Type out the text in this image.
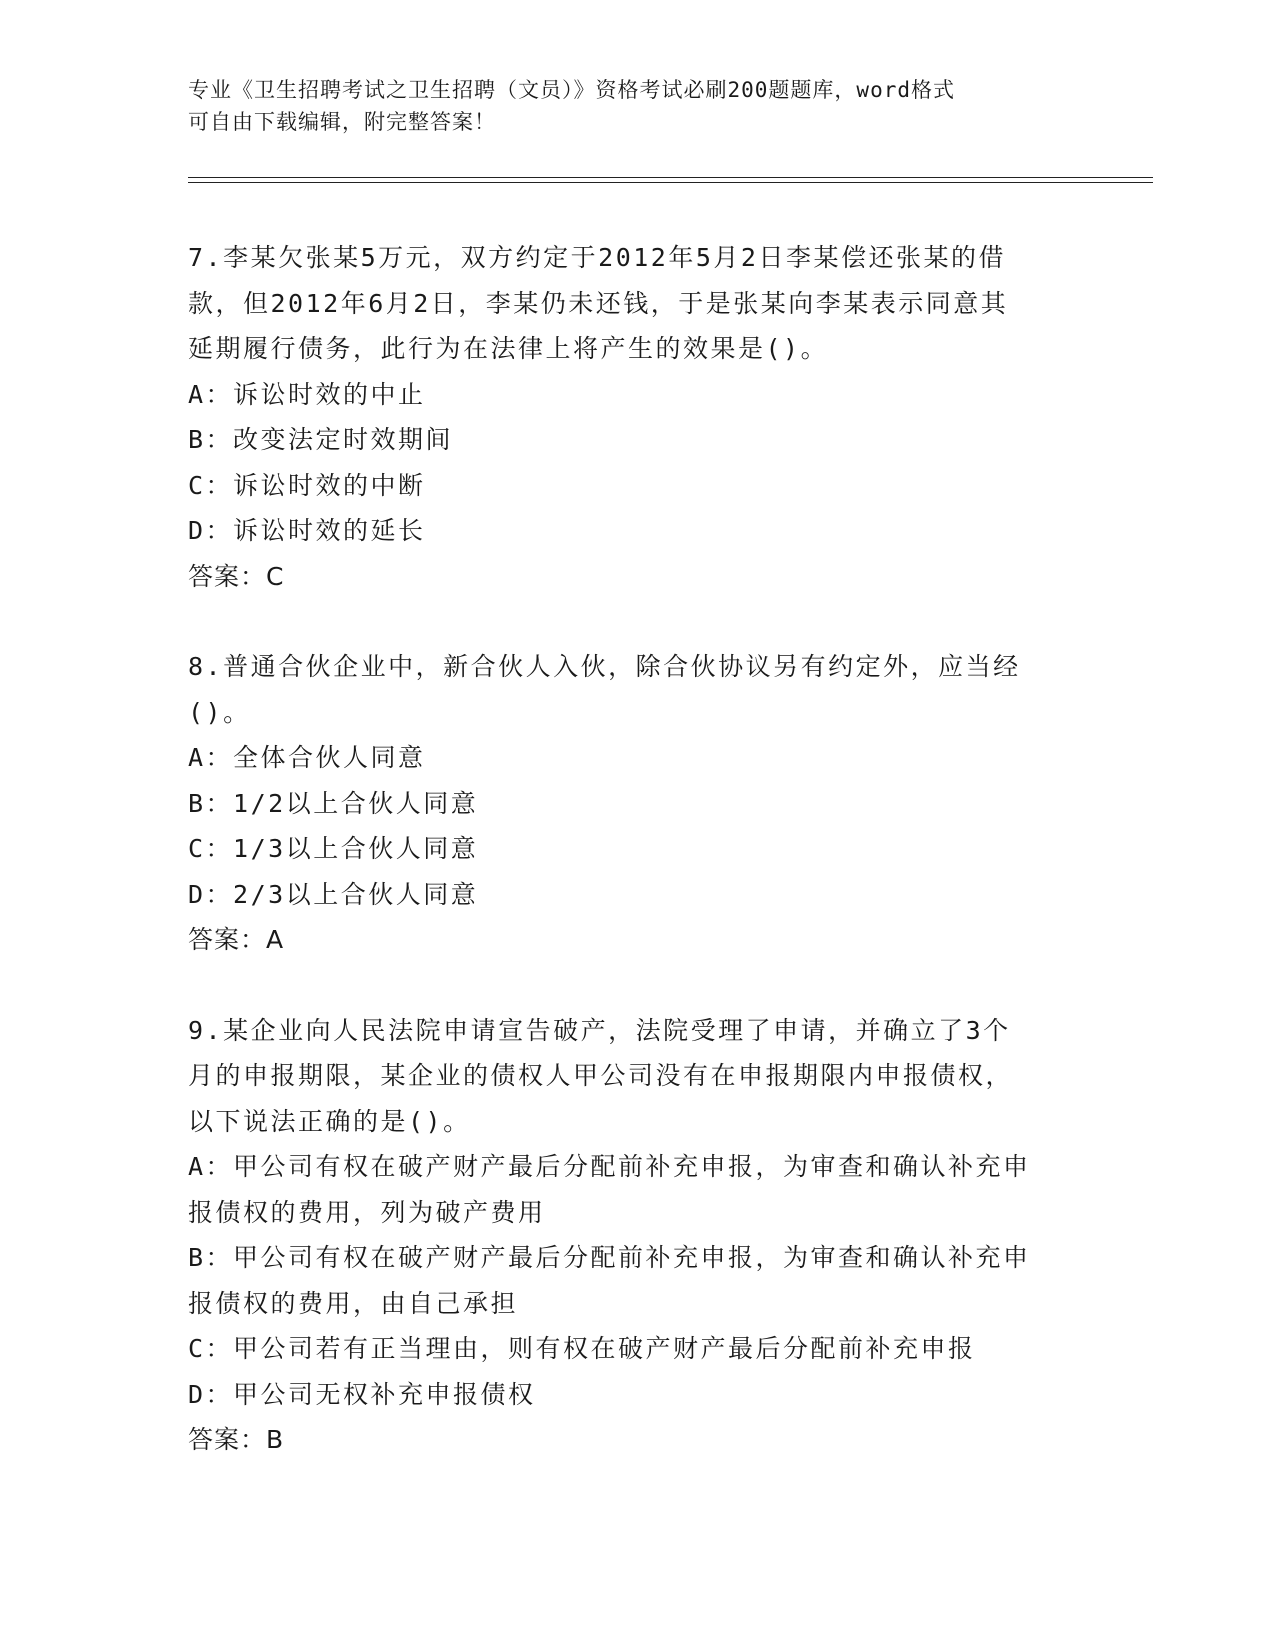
专业《卫生招聘考试之卫生招聘（文员）》资格考试必刷200题题库，word格式
可自由下载编辑，附完整答案！
7.李某欠张某5万元，双方约定于2012年5月2日李某偿还张某的借
款，但2012年6月2日，李某仍未还钱，于是张某向李某表示同意其
延期履行债务，此行为在法律上将产生的效果是()。
A：诉讼时效的中止
B：改变法定时效期间
C：诉讼时效的中断
D：诉讼时效的延长
答案：C
8.普通合伙企业中，新合伙人入伙，除合伙协议另有约定外，应当经
()。
A：全体合伙人同意
B：1/2以上合伙人同意
C：1/3以上合伙人同意
D：2/3以上合伙人同意
答案：A
9.某企业向人民法院申请宣告破产，法院受理了申请，并确立了3个
月的申报期限，某企业的债权人甲公司没有在申报期限内申报债权，
以下说法正确的是()。
A：甲公司有权在破产财产最后分配前补充申报，为审查和确认补充申
报债权的费用，列为破产费用
B：甲公司有权在破产财产最后分配前补充申报，为审查和确认补充申
报债权的费用，由自己承担
C：甲公司若有正当理由，则有权在破产财产最后分配前补充申报
D：甲公司无权补充申报债权
答案：B
